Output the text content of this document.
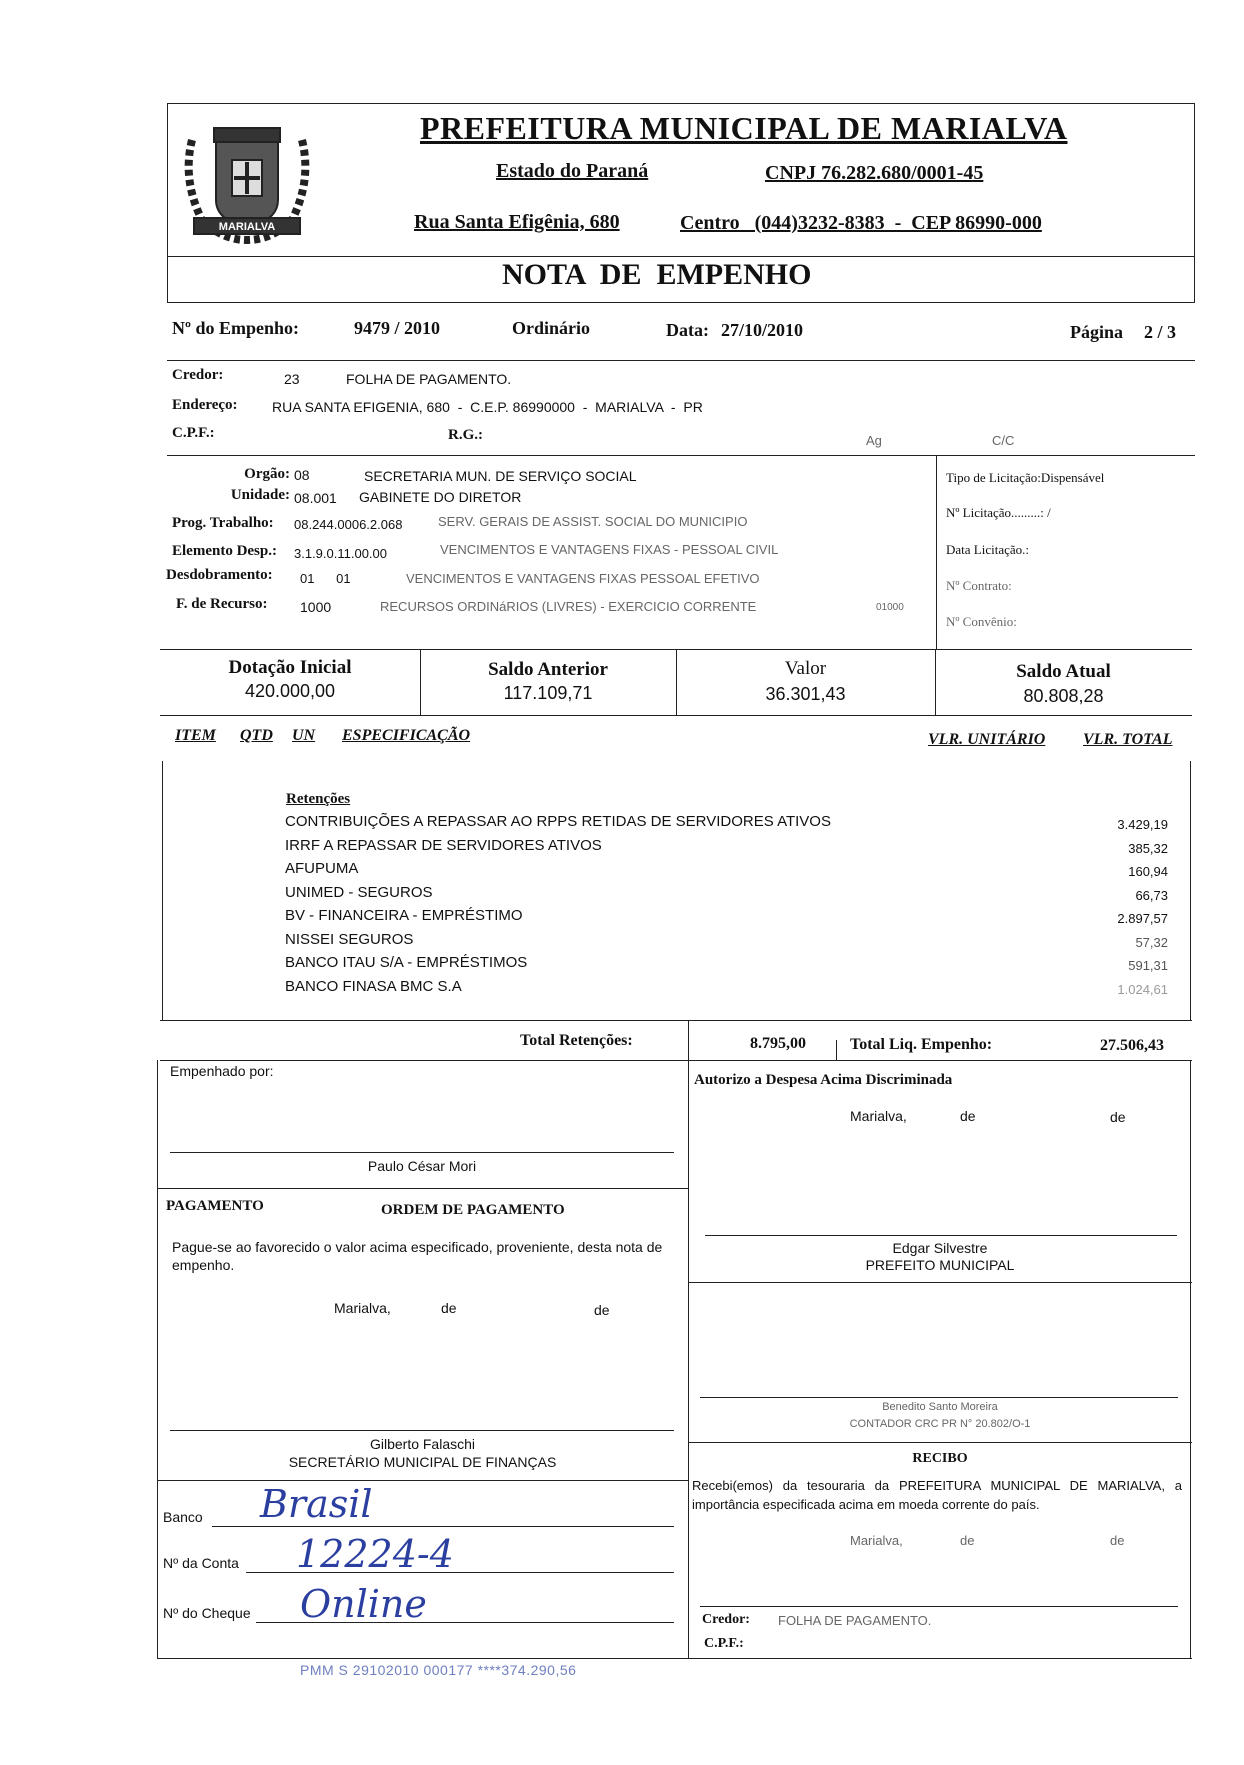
MARIALVA
PREFEITURA MUNICIPAL DE MARIALVA
Estado do Paraná	CNPJ 76.282.680/0001-45
Rua Santa Efigênia, 680	Centro   (044)3232-8383  -  CEP 86990-000
NOTA  DE  EMPENHO
Nº do Empenho:	9479 / 2010	Ordinário	Data: 27/10/2010	Página 2 / 3
Credor:	23	FOLHA DE PAGAMENTO.
Endereço: RUA SANTA EFIGENIA, 680  -  C.E.P. 86990000  -  MARIALVA  -  PR
C.P.F.:	R.G.:	Ag	C/C
Orgão: 08	SECRETARIA MUN. DE SERVIÇO SOCIAL
Unidade: 08.001 GABINETE DO DIRETOR
Prog. Trabalho: 08.244.0006.2.068	SERV. GERAIS DE ASSIST. SOCIAL DO MUNICIPIO
Elemento Desp.: 3.1.9.0.11.00.00	VENCIMENTOS E VANTAGENS FIXAS - PESSOAL CIVIL
Desdobramento: 01      01	VENCIMENTOS E VANTAGENS FIXAS PESSOAL EFETIVO
F. de Recurso: 1000	RECURSOS ORDINáRIOS (LIVRES) - EXERCICIO CORRENTE	01000
Tipo de Licitação:Dispensável
Nº Licitação.........: /
Data Licitação.:
Nº Contrato:
Nº Convênio:
Dotação Inicial
420.000,00
Saldo Anterior
117.109,71
Valor
36.301,43
Saldo Atual
80.808,28
ITEM QTD UN ESPECIFICAÇÃO	VLR. UNITÁRIO VLR. TOTAL
Retenções
CONTRIBUIÇÕES A REPASSAR AO RPPS RETIDAS DE SERVIDORES ATIVOS	3.429,19
IRRF A REPASSAR DE SERVIDORES ATIVOS	385,32
AFUPUMA	160,94
UNIMED - SEGUROS	66,73
BV - FINANCEIRA - EMPRÉSTIMO	2.897,57
NISSEI SEGUROS	57,32
BANCO ITAU S/A - EMPRÉSTIMOS	591,31
BANCO FINASA BMC S.A	1.024,61
Total Retenções:	8.795,00	Total Liq. Empenho:	27.506,43
Empenhado por:
Paulo César Mori
Autorizo a Despesa Acima Discriminada
Marialva,	de	de
Edgar Silvestre
PREFEITO MUNICIPAL
PAGAMENTO	ORDEM DE PAGAMENTO
Pague-se ao favorecido o valor acima especificado, proveniente, desta nota de empenho.
Marialva,	de	de
Benedito Santo Moreira
CONTADOR CRC PR N° 20.802/O-1
Gilberto Falaschi
SECRETÁRIO MUNICIPAL DE FINANÇAS	RECIBO
Recebi(emos) da tesouraria da PREFEITURA MUNICIPAL DE MARIALVA, a importância especificada acima em moeda corrente do país.
Marialva,	de	de
Credor: FOLHA DE PAGAMENTO.
C.P.F.:
Banco Brasil
Nº da Conta 12224-4
Nº do Cheque Online
PMM S 29102010 000177 ****374.290,56
